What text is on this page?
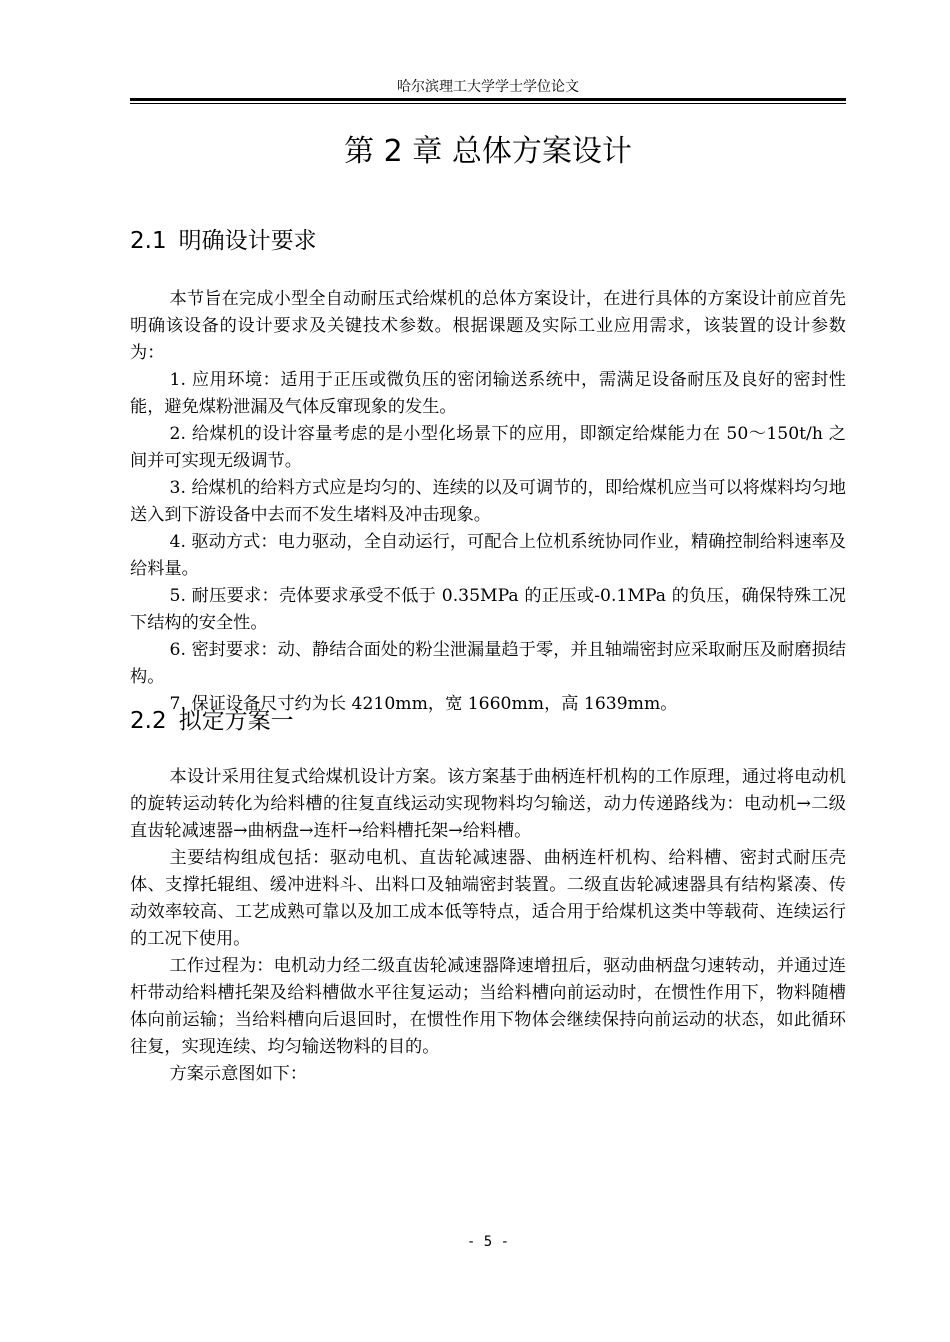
哈尔滨理工大学学士学位论文
第 2 章 总体方案设计
2.1 明确设计要求

本节旨在完成小型全自动耐压式给煤机的总体方案设计，在进行具体的方案设计前应首先明确该设备的设计要求及关键技术参数。根据课题及实际工业应用需求，该装置的设计参数为：

1. 应用环境：适用于正压或微负压的密闭输送系统中，需满足设备耐压及良好的密封性能，避免煤粉泄漏及气体反窜现象的发生。

2. 给煤机的设计容量考虑的是小型化场景下的应用，即额定给煤能力在 50～150t/h 之间并可实现无级调节。

3. 给煤机的给料方式应是均匀的、连续的以及可调节的，即给煤机应当可以将煤料均匀地送入到下游设备中去而不发生堵料及冲击现象。

4. 驱动方式：电力驱动，全自动运行，可配合上位机系统协同作业，精确控制给料速率及给料量。

5. 耐压要求：壳体要求承受不低于 0.35MPa 的正压或-0.1MPa 的负压，确保特殊工况下结构的安全性。

6. 密封要求：动、静结合面处的粉尘泄漏量趋于零，并且轴端密封应采取耐压及耐磨损结构。

7. 保证设备尺寸约为长 4210mm，宽 1660mm，高 1639mm。

2.2 拟定方案一

本设计采用往复式给煤机设计方案。该方案基于曲柄连杆机构的工作原理，通过将电动机的旋转运动转化为给料槽的往复直线运动实现物料均匀输送，动力传递路线为：电动机→二级直齿轮减速器→曲柄盘→连杆→给料槽托架→给料槽。

主要结构组成包括：驱动电机、直齿轮减速器、曲柄连杆机构、给料槽、密封式耐压壳体、支撑托辊组、缓冲进料斗、出料口及轴端密封装置。二级直齿轮减速器具有结构紧凑、传动效率较高、工艺成熟可靠以及加工成本低等特点，适合用于给煤机这类中等载荷、连续运行的工况下使用。

工作过程为：电机动力经二级直齿轮减速器降速增扭后，驱动曲柄盘匀速转动，并通过连杆带动给料槽托架及给料槽做水平往复运动；当给料槽向前运动时，在惯性作用下，物料随槽体向前运输；当给料槽向后退回时，在惯性作用下物体会继续保持向前运动的状态，如此循环往复，实现连续、均匀输送物料的目的。

方案示意图如下：

- 5 -
